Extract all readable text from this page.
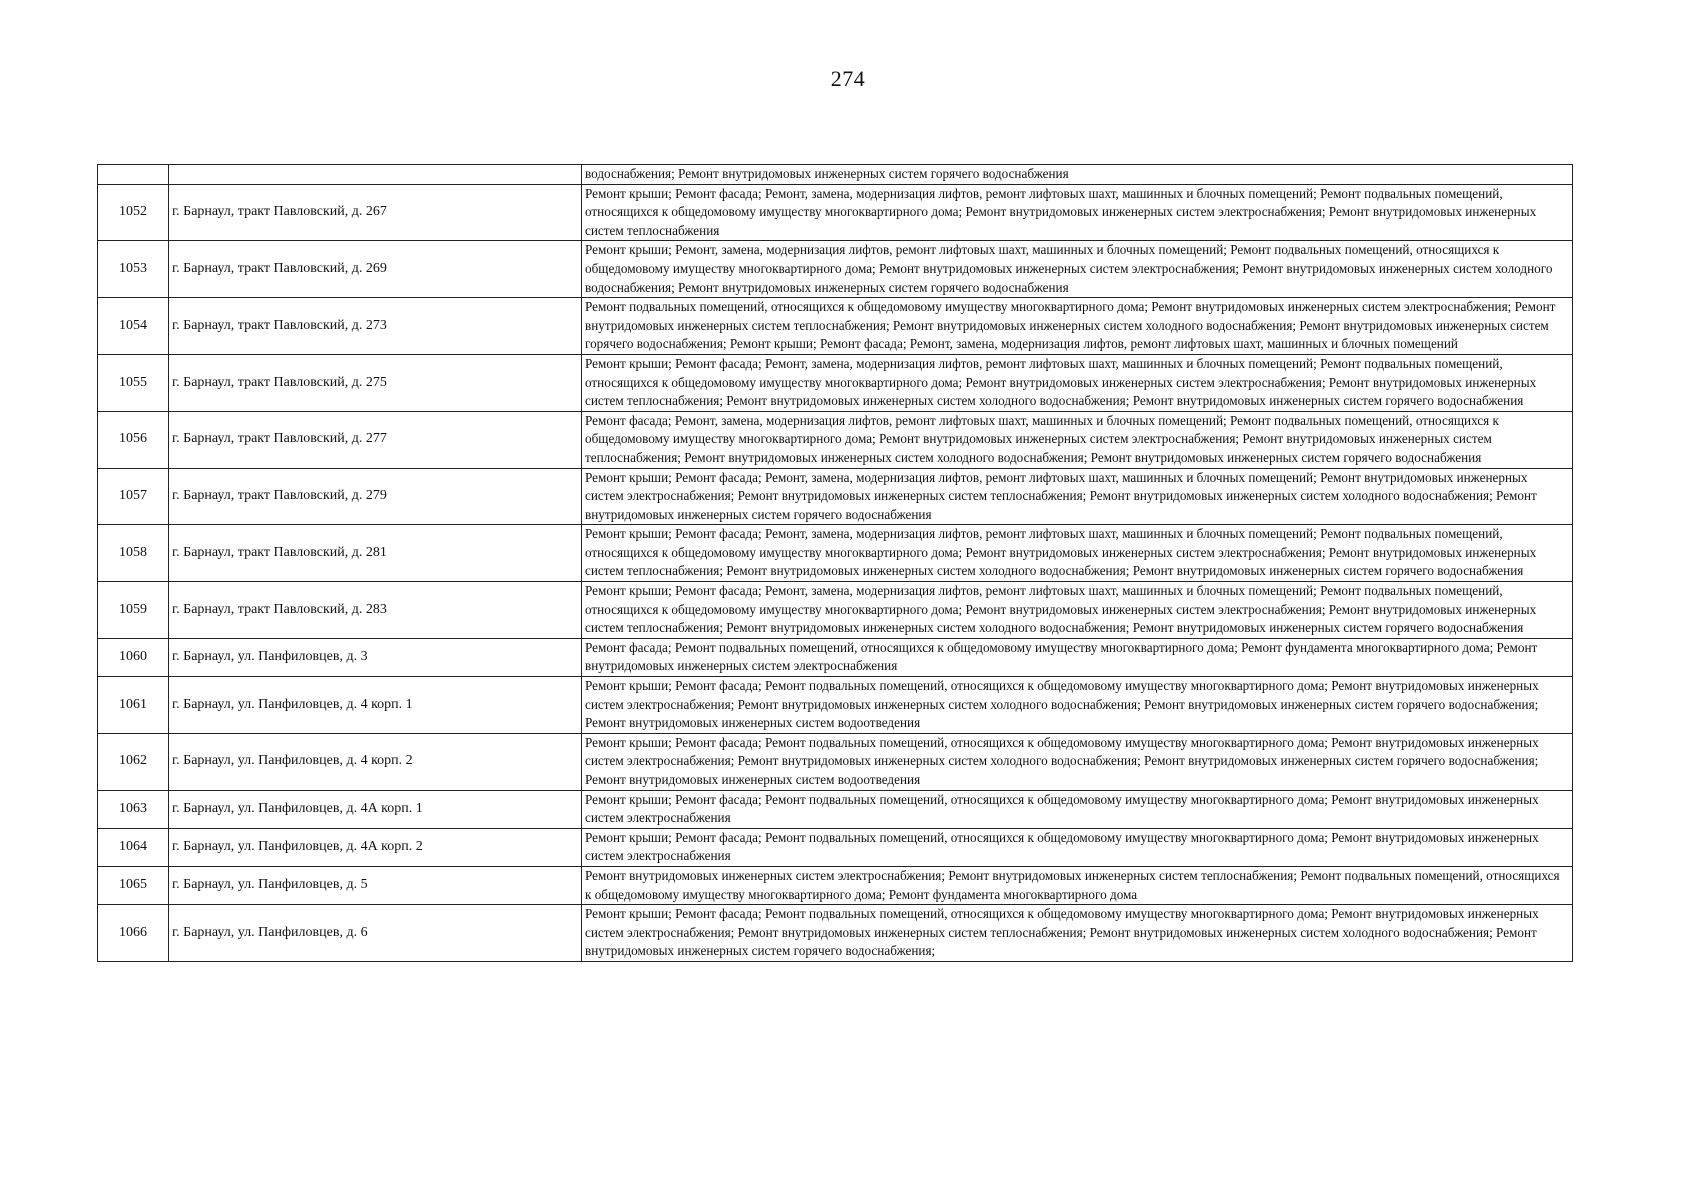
274
		водоснабжения; Ремонт внутридомовых инженерных систем горячего водоснабжения
1052	г. Барнаул, тракт Павловский, д. 267	Ремонт крыши; Ремонт фасада; Ремонт, замена, модернизация лифтов, ремонт лифтовых шахт, машинных и блочных помещений; Ремонт подвальных помещений, относящихся к общедомовому имуществу многоквартирного дома; Ремонт внутридомовых инженерных систем электроснабжения; Ремонт внутридомовых инженерных систем теплоснабжения
1053	г. Барнаул, тракт Павловский, д. 269	Ремонт крыши; Ремонт, замена, модернизация лифтов, ремонт лифтовых шахт, машинных и блочных помещений; Ремонт подвальных помещений, относящихся к общедомовому имуществу многоквартирного дома; Ремонт внутридомовых инженерных систем электроснабжения; Ремонт внутридомовых инженерных систем холодного водоснабжения; Ремонт внутридомовых инженерных систем горячего водоснабжения
1054	г. Барнаул, тракт Павловский, д. 273	Ремонт подвальных помещений, относящихся к общедомовому имуществу многоквартирного дома; Ремонт внутридомовых инженерных систем электроснабжения; Ремонт внутридомовых инженерных систем теплоснабжения; Ремонт внутридомовых инженерных систем холодного водоснабжения; Ремонт внутридомовых инженерных систем горячего водоснабжения; Ремонт крыши; Ремонт фасада; Ремонт, замена, модернизация лифтов, ремонт лифтовых шахт, машинных и блочных помещений
1055	г. Барнаул, тракт Павловский, д. 275	Ремонт крыши; Ремонт фасада; Ремонт, замена, модернизация лифтов, ремонт лифтовых шахт, машинных и блочных помещений; Ремонт подвальных помещений, относящихся к общедомовому имуществу многоквартирного дома; Ремонт внутридомовых инженерных систем электроснабжения; Ремонт внутридомовых инженерных систем теплоснабжения; Ремонт внутридомовых инженерных систем холодного водоснабжения; Ремонт внутридомовых инженерных систем горячего водоснабжения
1056	г. Барнаул, тракт Павловский, д. 277	Ремонт фасада; Ремонт, замена, модернизация лифтов, ремонт лифтовых шахт, машинных и блочных помещений; Ремонт подвальных помещений, относящихся к общедомовому имуществу многоквартирного дома; Ремонт внутридомовых инженерных систем электроснабжения; Ремонт внутридомовых инженерных систем теплоснабжения; Ремонт внутридомовых инженерных систем холодного водоснабжения; Ремонт внутридомовых инженерных систем горячего водоснабжения
1057	г. Барнаул, тракт Павловский, д. 279	Ремонт крыши; Ремонт фасада; Ремонт, замена, модернизация лифтов, ремонт лифтовых шахт, машинных и блочных помещений; Ремонт внутридомовых инженерных систем электроснабжения; Ремонт внутридомовых инженерных систем теплоснабжения; Ремонт внутридомовых инженерных систем холодного водоснабжения; Ремонт внутридомовых инженерных систем горячего водоснабжения
1058	г. Барнаул, тракт Павловский, д. 281	Ремонт крыши; Ремонт фасада; Ремонт, замена, модернизация лифтов, ремонт лифтовых шахт, машинных и блочных помещений; Ремонт подвальных помещений, относящихся к общедомовому имуществу многоквартирного дома; Ремонт внутридомовых инженерных систем электроснабжения; Ремонт внутридомовых инженерных систем теплоснабжения; Ремонт внутридомовых инженерных систем холодного водоснабжения; Ремонт внутридомовых инженерных систем горячего водоснабжения
1059	г. Барнаул, тракт Павловский, д. 283	Ремонт крыши; Ремонт фасада; Ремонт, замена, модернизация лифтов, ремонт лифтовых шахт, машинных и блочных помещений; Ремонт подвальных помещений, относящихся к общедомовому имуществу многоквартирного дома; Ремонт внутридомовых инженерных систем электроснабжения; Ремонт внутридомовых инженерных систем теплоснабжения; Ремонт внутридомовых инженерных систем холодного водоснабжения; Ремонт внутридомовых инженерных систем горячего водоснабжения
1060	г. Барнаул, ул. Панфиловцев, д. 3	Ремонт фасада; Ремонт подвальных помещений, относящихся к общедомовому имуществу многоквартирного дома; Ремонт фундамента многоквартирного дома; Ремонт внутридомовых инженерных систем электроснабжения
1061	г. Барнаул, ул. Панфиловцев, д. 4 корп. 1	Ремонт крыши; Ремонт фасада; Ремонт подвальных помещений, относящихся к общедомовому имуществу многоквартирного дома; Ремонт внутридомовых инженерных систем электроснабжения; Ремонт внутридомовых инженерных систем холодного водоснабжения; Ремонт внутридомовых инженерных систем горячего водоснабжения; Ремонт внутридомовых инженерных систем водоотведения
1062	г. Барнаул, ул. Панфиловцев, д. 4 корп. 2	Ремонт крыши; Ремонт фасада; Ремонт подвальных помещений, относящихся к общедомовому имуществу многоквартирного дома; Ремонт внутридомовых инженерных систем электроснабжения; Ремонт внутридомовых инженерных систем холодного водоснабжения; Ремонт внутридомовых инженерных систем горячего водоснабжения; Ремонт внутридомовых инженерных систем водоотведения
1063	г. Барнаул, ул. Панфиловцев, д. 4А корп. 1	Ремонт крыши; Ремонт фасада; Ремонт подвальных помещений, относящихся к общедомовому имуществу многоквартирного дома; Ремонт внутридомовых инженерных систем электроснабжения
1064	г. Барнаул, ул. Панфиловцев, д. 4А корп. 2	Ремонт крыши; Ремонт фасада; Ремонт подвальных помещений, относящихся к общедомовому имуществу многоквартирного дома; Ремонт внутридомовых инженерных систем электроснабжения
1065	г. Барнаул, ул. Панфиловцев, д. 5	Ремонт внутридомовых инженерных систем электроснабжения; Ремонт внутридомовых инженерных систем теплоснабжения; Ремонт подвальных помещений, относящихся к общедомовому имуществу многоквартирного дома; Ремонт фундамента многоквартирного дома
1066	г. Барнаул, ул. Панфиловцев, д. 6	Ремонт крыши; Ремонт фасада; Ремонт подвальных помещений, относящихся к общедомовому имуществу многоквартирного дома; Ремонт внутридомовых инженерных систем электроснабжения; Ремонт внутридомовых инженерных систем теплоснабжения; Ремонт внутридомовых инженерных систем холодного водоснабжения; Ремонт внутридомовых инженерных систем горячего водоснабжения;
